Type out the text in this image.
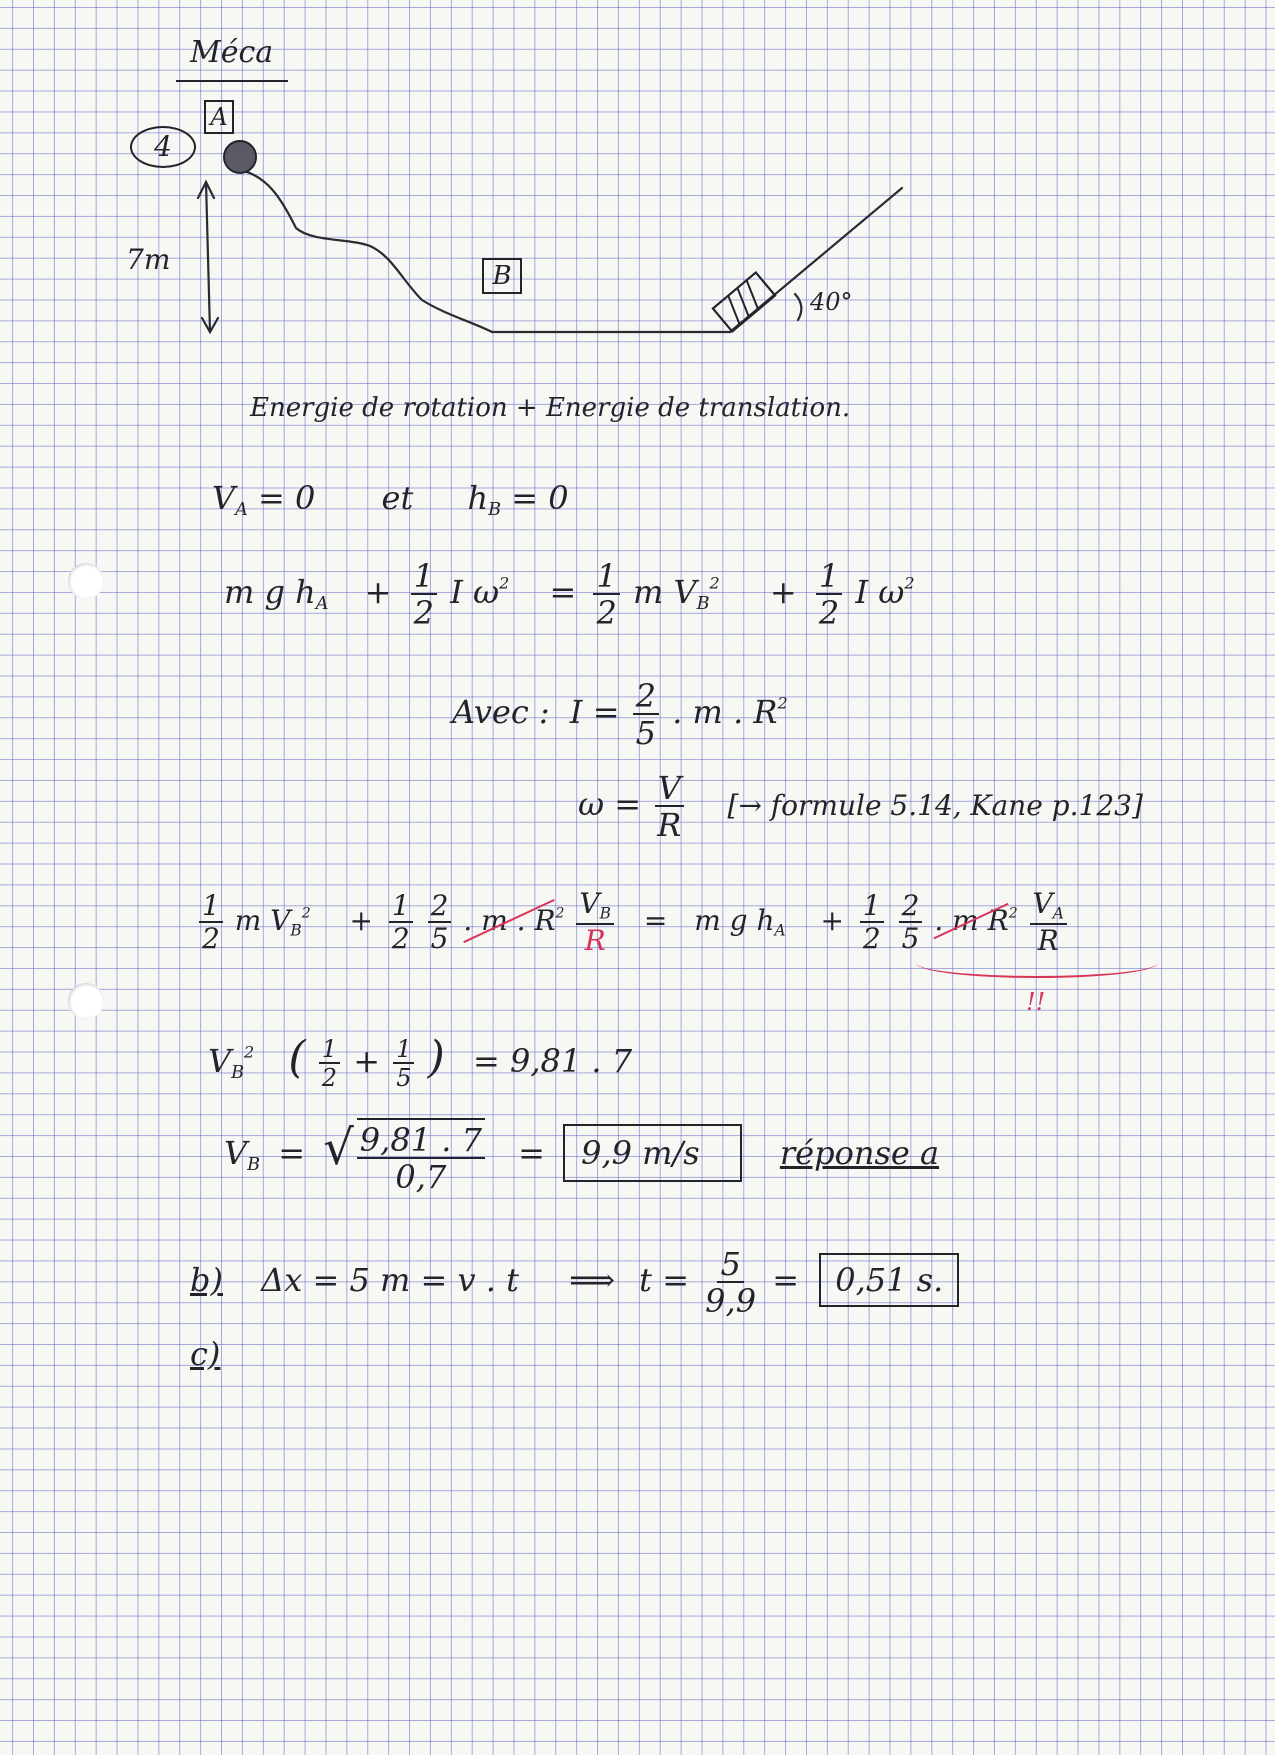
Méca
4
A
B
7m
40°
Energie de rotation + Energie de translation.
$V_A = 0$ et $h_B = 0$
m g $h_A + \frac{1}{2}$ I $\omega^2 = \frac{1}{2}$ m $V_B^2 + \frac{1}{2}$ I $\omega^2$
Avec : $I = \frac{2}{5}$ . m . $R^2$
$\omega = \frac{V}{R}$ [→ formule 5.14, Kane p.123]
$\frac{1}{2}$ m $V_B^2 + \frac{1}{2}$
$\frac{2}{5}$ . m . $R^2 \frac{V_B}{R} = m$ g $h_A + \frac{1}{2}$
$\frac{2}{5}$ . m $R^2 \frac{V_A}{R}$
!!
$V_B^2$ ( $\frac{1}{2} + \frac{1}{5}$ ) = 9,81 . 7
$V_B$ = √ $\frac{9,81 . 7}{0,7} = 9,9$ m/s	réponse a
b) Δx = 5 m = v . t ⟹ $t = \frac{5}{9,9} = 0,51$ s.
c)
